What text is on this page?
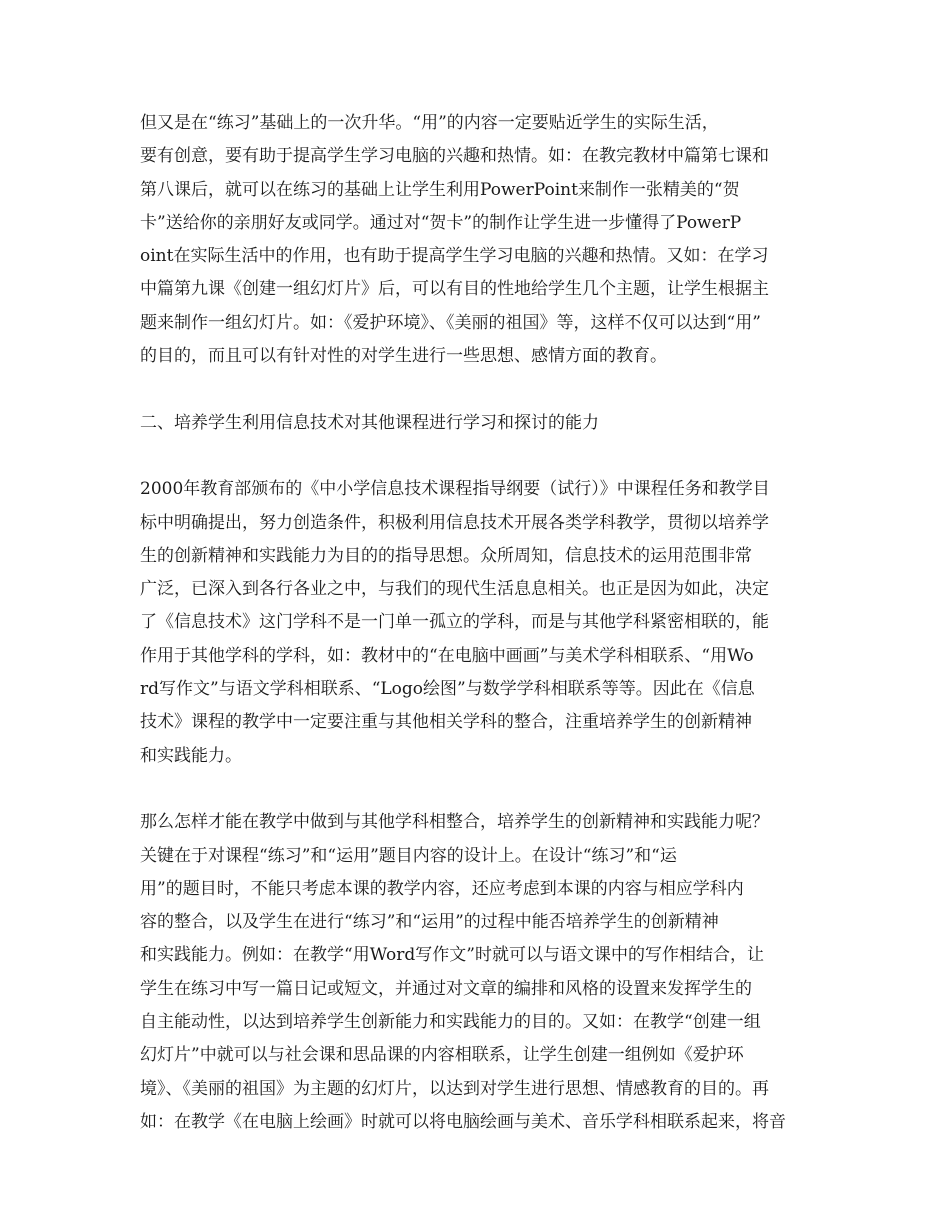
但又是在“练习”基础上的一次升华。“用”的内容一定要贴近学生的实际生活，
要有创意，要有助于提高学生学习电脑的兴趣和热情。如：在教完教材中篇第七课和
第八课后，就可以在练习的基础上让学生利用PowerPoint来制作一张精美的“贺
卡”送给你的亲朋好友或同学。通过对“贺卡”的制作让学生进一步懂得了PowerP
oint在实际生活中的作用，也有助于提高学生学习电脑的兴趣和热情。又如：在学习
中篇第九课《创建一组幻灯片》后，可以有目的性地给学生几个主题，让学生根据主
题来制作一组幻灯片。如：《爱护环境》、《美丽的祖国》等，这样不仅可以达到“用”
的目的，而且可以有针对性的对学生进行一些思想、感情方面的教育。
二、培养学生利用信息技术对其他课程进行学习和探讨的能力
2000年教育部颁布的《中小学信息技术课程指导纲要（试行）》中课程任务和教学目
标中明确提出，努力创造条件，积极利用信息技术开展各类学科教学，贯彻以培养学
生的创新精神和实践能力为目的的指导思想。众所周知，信息技术的运用范围非常
广泛，已深入到各行各业之中，与我们的现代生活息息相关。也正是因为如此，决定
了《信息技术》这门学科不是一门单一孤立的学科，而是与其他学科紧密相联的，能
作用于其他学科的学科，如：教材中的“在电脑中画画”与美术学科相联系、“用Wo
rd写作文”与语文学科相联系、“Logo绘图”与数学学科相联系等等。因此在《信息
技术》课程的教学中一定要注重与其他相关学科的整合，注重培养学生的创新精神
和实践能力。
那么怎样才能在教学中做到与其他学科相整合，培养学生的创新精神和实践能力呢？
关键在于对课程“练习”和“运用”题目内容的设计上。在设计“练习”和“运
用”的题目时，不能只考虑本课的教学内容，还应考虑到本课的内容与相应学科内
容的整合，以及学生在进行“练习”和“运用”的过程中能否培养学生的创新精神
和实践能力。例如：在教学“用Word写作文”时就可以与语文课中的写作相结合，让
学生在练习中写一篇日记或短文，并通过对文章的编排和风格的设置来发挥学生的
自主能动性，以达到培养学生创新能力和实践能力的目的。又如：在教学“创建一组
幻灯片”中就可以与社会课和思品课的内容相联系，让学生创建一组例如《爱护环
境》、《美丽的祖国》为主题的幻灯片，以达到对学生进行思想、情感教育的目的。再
如：在教学《在电脑上绘画》时就可以将电脑绘画与美术、音乐学科相联系起来，将音
